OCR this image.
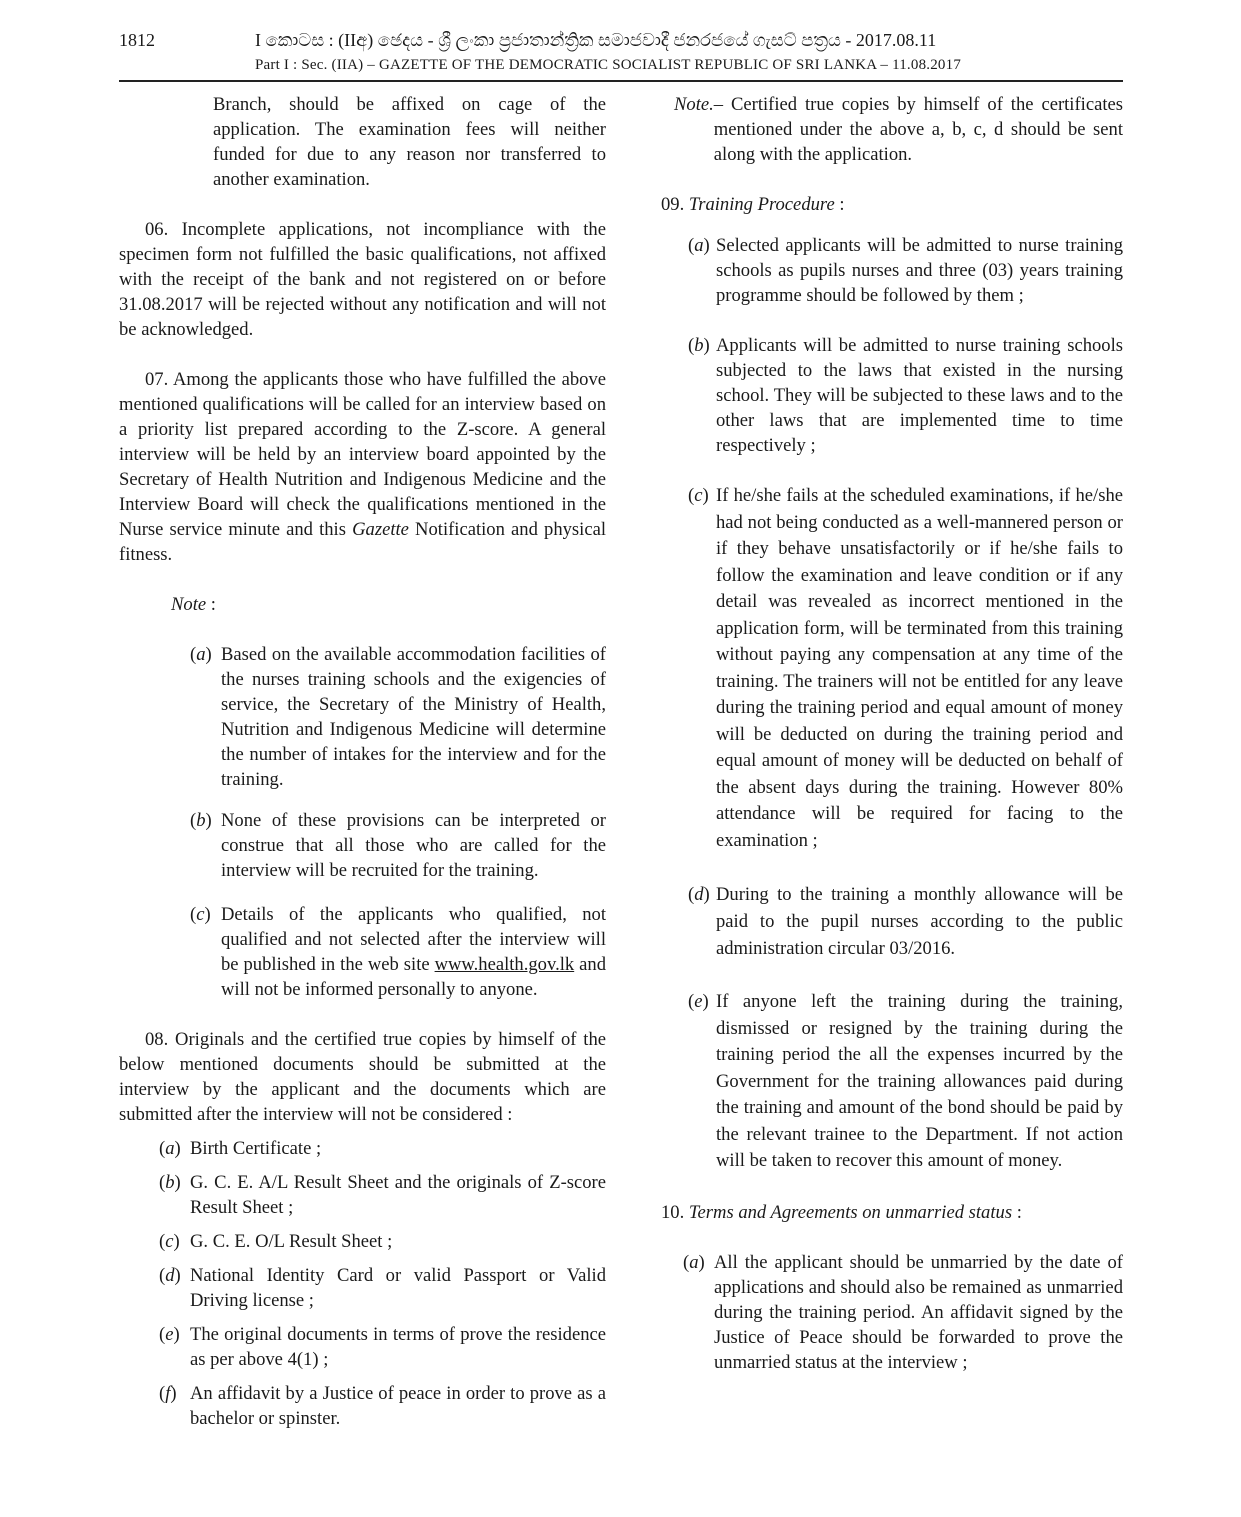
1812	I කොටස : (IIඅ) ඡෙදය - ශ්‍රී ලංකා ප්‍රජාතාන්ත්‍රික සමාජවාදී ජනරජයේ ගැසට් පත්‍රය - 2017.08.11
Part I : Sec. (IIA) – GAZETTE OF THE DEMOCRATIC SOCIALIST REPUBLIC OF SRI LANKA – 11.08.2017

Branch, should be affixed on cage of the application. The examination fees will neither funded for due to any reason nor transferred to another examination.

06. Incomplete applications, not incompliance with the specimen form not fulfilled the basic qualifications, not affixed with the receipt of the bank and not registered on or before 31.08.2017 will be rejected without any notification and will not be acknowledged.

07. Among the applicants those who have fulfilled the above mentioned qualifications will be called for an interview based on a priority list prepared according to the Z-score. A general interview will be held by an interview board appointed by the Secretary of Health Nutrition and Indigenous Medicine and the Interview Board will check the qualifications mentioned in the Nurse service minute and this Gazette Notification and physical fitness.

Note :

(a) Based on the available accommodation facilities of the nurses training schools and the exigencies of service, the Secretary of the Ministry of Health, Nutrition and Indigenous Medicine will determine the number of intakes for the interview and for the training.
(b) None of these provisions can be interpreted or construe that all those who are called for the interview will be recruited for the training.
(c) Details of the applicants who qualified, not qualified and not selected after the interview will be published in the web site www.health.gov.lk and will not be informed personally to anyone.

08. Originals and the certified true copies by himself of the below mentioned documents should be submitted at the interview by the applicant and the documents which are submitted after the interview will not be considered :

(a) Birth Certificate ;
(b) G. C. E. A/L Result Sheet and the originals of Z-score Result Sheet ;
(c) G. C. E. O/L Result Sheet ;
(d) National Identity Card or valid Passport or Valid Driving license ;
(e) The original documents in terms of prove the residence as per above 4(1) ;
(f) An affidavit by a Justice of peace in order to prove as a bachelor or spinster.
Note. – Certified true copies by himself of the certificates mentioned under the above a, b, c, d should be sent along with the application.

09. Training Procedure :

(a) Selected applicants will be admitted to nurse training schools as pupils nurses and three (03) years training programme should be followed by them ;
(b) Applicants will be admitted to nurse training schools subjected to the laws that existed in the nursing school. They will be subjected to these laws and to the other laws that are implemented time to time respectively ;
(c) If he/she fails at the scheduled examinations, if he/she had not being conducted as a well-mannered person or if they behave unsatisfactorily or if he/she fails to follow the examination and leave condition or if any detail was revealed as incorrect mentioned in the application form, will be terminated from this training without paying any compensation at any time of the training. The trainers will not be entitled for any leave during the training period and equal amount of money will be deducted on during the training period and equal amount of money will be deducted on behalf of the absent days during the training. However 80% attendance will be required for facing to the examination ;
(d) During to the training a monthly allowance will be paid to the pupil nurses according to the public administration circular 03/2016.
(e) If anyone left the training during the training, dismissed or resigned by the training during the training period the all the expenses incurred by the Government for the training allowances paid during the training and amount of the bond should be paid by the relevant trainee to the Department. If not action will be taken to recover this amount of money.

10. Terms and Agreements on unmarried status :

(a) All the applicant should be unmarried by the date of applications and should also be remained as unmarried during the training period. An affidavit signed by the Justice of Peace should be forwarded to prove the unmarried status at the interview ;
